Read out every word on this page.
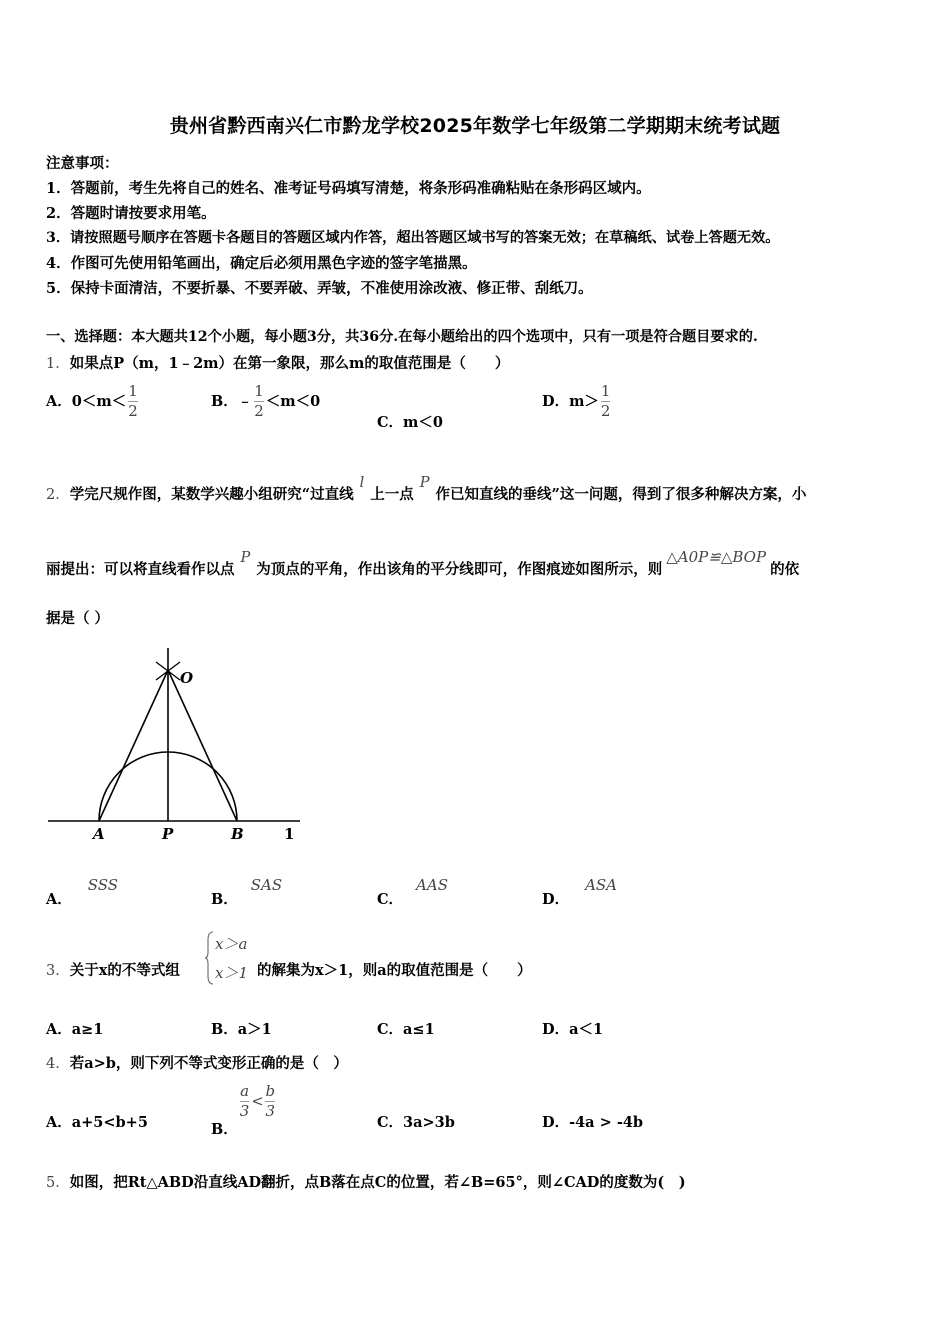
贵州省黔西南兴仁市黔龙学校2025年数学七年级第二学期期末统考试题
注意事项：
1．答题前，考生先将自己的姓名、准考证号码填写清楚，将条形码准确粘贴在条形码区域内。
2．答题时请按要求用笔。
3．请按照题号顺序在答题卡各题目的答题区域内作答，超出答题区域书写的答案无效；在草稿纸、试卷上答题无效。
4．作图可先使用铅笔画出，确定后必须用黑色字迹的签字笔描黑。
5．保持卡面清洁，不要折暴、不要弄破、弄皱，不准使用涂改液、修正带、刮纸刀。
一、选择题：本大题共12个小题，每小题3分，共36分.在每小题给出的四个选项中，只有一项是符合题目要求的.
1．如果点P（m，1﹣2m）在第一象限，那么m的取值范围是（　　）
A．$0<m< \frac{1}{2}$	B．﹣ $\frac{1}{2} <m<0$
C．m＜0
D．$m> \frac{1}{2}$
2．学完尺规作图，某数学兴趣小组研究“过直线l上一点P作已知直线的垂线”这一问题，得到了很多种解决方案，小
丽提出：可以将直线看作以点P为顶点的平角，作出该角的平分线即可，作图痕迹如图所示，则△A0P≌△BOP的依
据是（ ）
O
A	P	B	1
A．SSS
B．SAS
C．AAS
D．ASA
3．关于x的不等式组
x＞a
x＞1 的解集为x＞1，则a的取值范围是（　　）
A．a≥1	B．a＞1	C．a≤1	D．a＜1
4．若a>b，则下列不等式变形正确的是（　）
A．a+5<b+5	B．
$\frac{a}{3} < \frac{b}{3}$
C．3a>3b	D．-4a > -4b
5．如图，把Rt△ABD沿直线AD翻折，点B落在点C的位置，若∠B=65°，则∠CAD的度数为(　)
